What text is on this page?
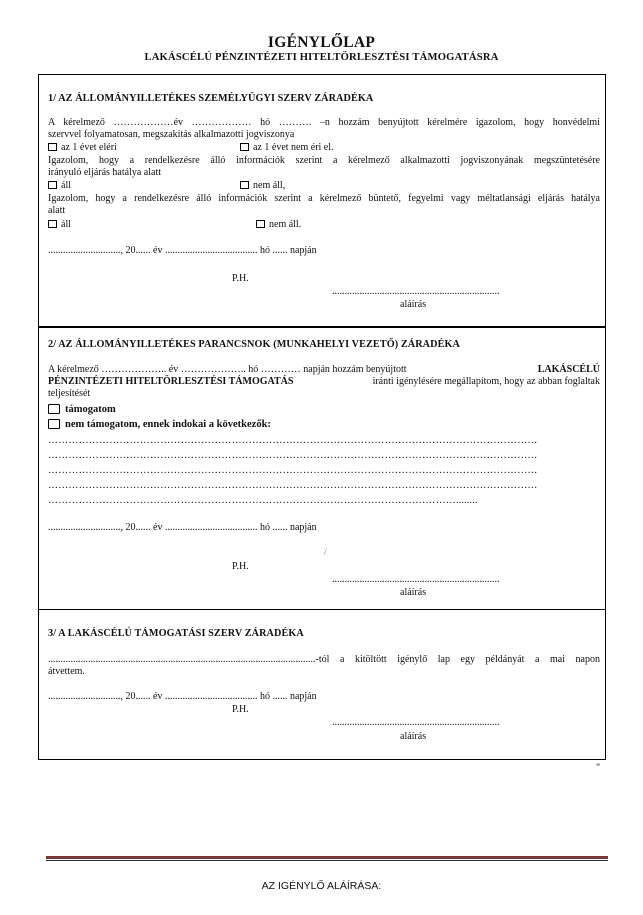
IGÉNYLŐLAP
LAKÁSCÉLÚ PÉNZINTÉZETI HITELTÖRLESZTÉSI TÁMOGATÁSRA
1/ AZ ÁLLOMÁNYILLETÉKES SZEMÉLYÜGYI SZERV ZÁRADÉKA
A kérelmező ………………év ……………… hó ………. –n hozzám benyújtott kérelmére igazolom, hogy honvédelmi
szervvel folyamatosan, megszakítás alkalmazotti jogviszonya
az 1 évet eléri	az 1 évet nem éri el.
Igazolom, hogy a rendelkezésre álló információk szerint a kérelmező alkalmazotti jogviszonyának megszüntetésére
irányuló eljárás hatálya alatt
áll	nem áll,
Igazolom, hogy a rendelkezésre álló információk szerint a kérelmező büntető, fegyelmi vagy méltatlansági eljárás hatálya
alatt
áll	nem áll.
............................., 20...... év ..................................... hó ...... napján
P.H.
...................................................................
aláírás
2/ AZ ÁLLOMÁNYILLETÉKES PARANCSNOK (MUNKAHELYI VEZETŐ) ZÁRADÉKA
A kérelmező ……………….. év ……………….. hó ………… napján hozzám benyújtott	LAKÁSCÉLÚ
PÉNZINTÉZETI HITELTÖRLESZTÉSI TÁMOGATÁS	iránti igénylésére megállapítom, hogy az abban foglaltak
teljesítését
támogatom
nem támogatom, ennek indokai a következők:
………………………………………………………………………………………………………………………………
………………………………………………………………………………………………………………………………
………………………………………………………………………………………………………………………………
………………………………………………………………………………………………………………………………
…………………………………………………………………………………………………………........
............................., 20...... év ..................................... hó ...... napján
/
P.H.
...................................................................
aláírás
3/ A LAKÁSCÉLÚ TÁMOGATÁSI SZERV ZÁRADÉKA
...........................................................................................................-tól a kitöltött igénylő lap egy példányát a mai napon
átvettem.
............................., 20...... év ..................................... hó ...... napján
P.H.
...................................................................
aláírás
”
AZ IGÉNYLŐ ALÁÍRÁSA:
